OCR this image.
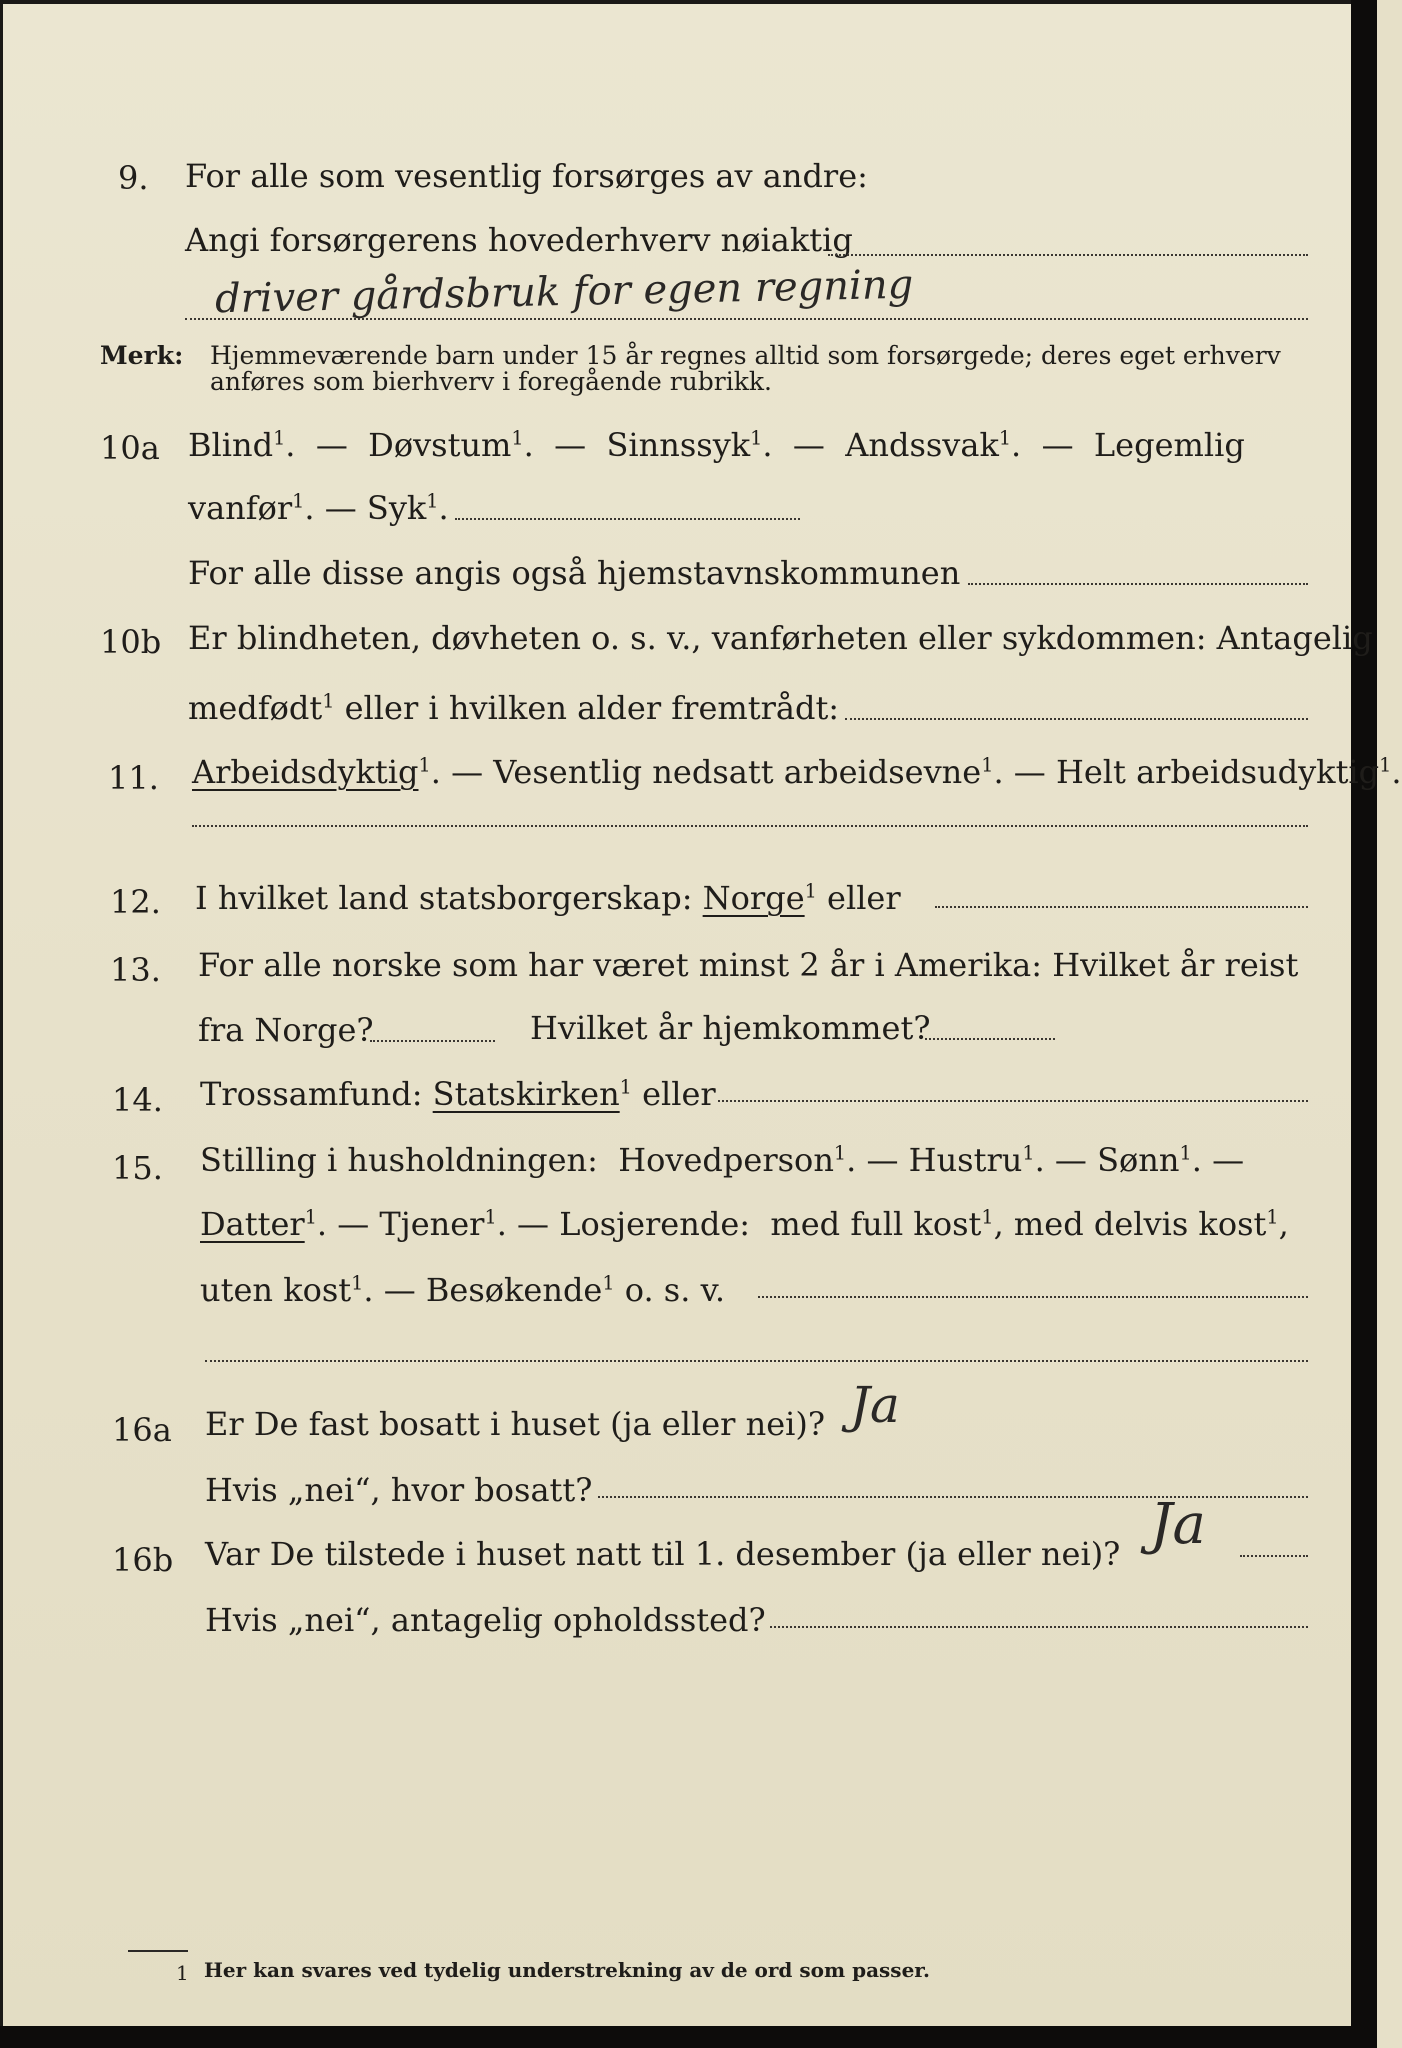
9. For alle som vesentlig forsørges av andre:
Angi forsørgerens hovederhverv nøiaktig
driver gårdsbruk for egen regning
Merk: Hjemmeværende barn under 15 år regnes alltid som forsørgede; deres eget erhverv
anføres som bierhverv i foregående rubrikk.
10a Blind$^1$. — Døvstum$^1$. — Sinnssyk$^1$. — Andssvak$^1$. — Legemlig
vanfør$^1$. — Syk$^1$.
For alle disse angis også hjemstavnskommunen
10b Er blindheten, døvheten o. s. v., vanførheten eller sykdommen: Antagelig
medfødt$^1$ eller i hvilken alder fremtrådt:
11. Arbeidsdyktig$^1$. — Vesentlig nedsatt arbeidsevne$^1$. — Helt arbeidsudyktig$^1$.
12. I hvilket land statsborgerskap: Norge$^1$ eller
13. For alle norske som har været minst 2 år i Amerika: Hvilket år reist
fra Norge?	Hvilket år hjemkommet?
14. Trossamfund: Statskirken$^1$ eller
15. Stilling i husholdningen: Hovedperson$^1$. — Hustru$^1$. — Sønn$^1$. —
Datter$^1$. — Tjener$^1$. — Losjerende: med full kost$^1$, med delvis kost$^1$,
uten kost$^1$. — Besøkende$^1$ o. s. v.
16a Er De fast bosatt i huset (ja eller nei)? Ja
Hvis „nei“, hvor bosatt?
16b Var De tilstede i huset natt til 1. desember (ja eller nei)? Ja
Hvis „nei“, antagelig opholdssted?
1 Her kan svares ved tydelig understrekning av de ord som passer.
